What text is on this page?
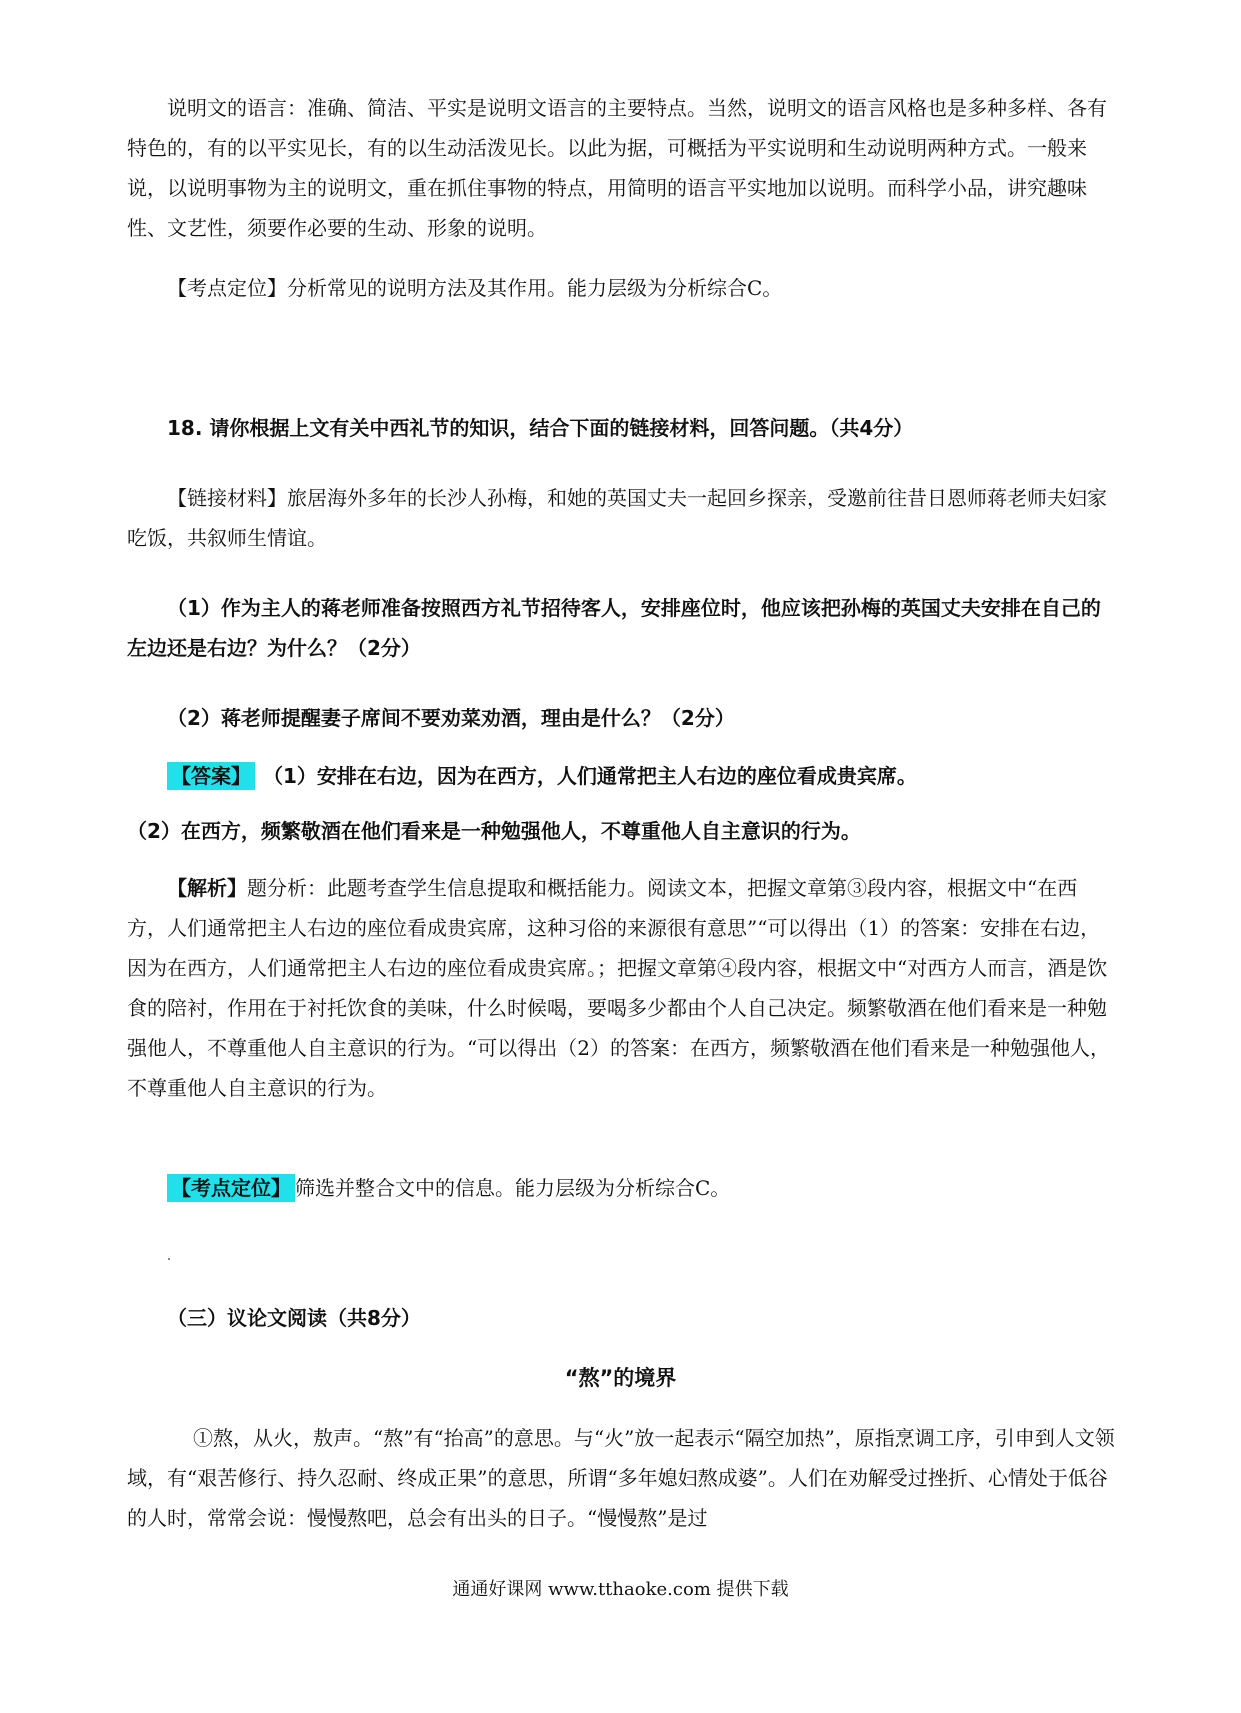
说明文的语言：准确、简洁、平实是说明文语言的主要特点。当然，说明文的语言风格也是多种多样、各有特色的，有的以平实见长，有的以生动活泼见长。以此为据，可概括为平实说明和生动说明两种方式。一般来说，以说明事物为主的说明文，重在抓住事物的特点，用简明的语言平实地加以说明。而科学小品，讲究趣味性、文艺性，须要作必要的生动、形象的说明。

【考点定位】分析常见的说明方法及其作用。能力层级为分析综合C。

18. 请你根据上文有关中西礼节的知识，结合下面的链接材料，回答问题。（共4分）

【链接材料】旅居海外多年的长沙人孙梅，和她的英国丈夫一起回乡探亲，受邀前往昔日恩师蒋老师夫妇家吃饭，共叙师生情谊。

（1）作为主人的蒋老师准备按照西方礼节招待客人，安排座位时，他应该把孙梅的英国丈夫安排在自己的左边还是右边？为什么？（2分）

（2）蒋老师提醒妻子席间不要劝菜劝酒，理由是什么？（2分）

【答案】 （1）安排在右边，因为在西方，人们通常把主人右边的座位看成贵宾席。

（2）在西方，频繁敬酒在他们看来是一种勉强他人，不尊重他人自主意识的行为。

【解析】题分析：此题考查学生信息提取和概括能力。阅读文本，把握文章第③段内容，根据文中“在西方，人们通常把主人右边的座位看成贵宾席，这种习俗的来源很有意思”“可以得出（1）的答案：安排在右边，因为在西方，人们通常把主人右边的座位看成贵宾席。；把握文章第④段内容，根据文中“对西方人而言，酒是饮食的陪衬，作用在于衬托饮食的美味，什么时候喝，要喝多少都由个人自己决定。频繁敬酒在他们看来是一种勉强他人，不尊重他人自主意识的行为。“可以得出（2）的答案：在西方，频繁敬酒在他们看来是一种勉强他人，不尊重他人自主意识的行为。

【考点定位】 筛选并整合文中的信息。能力层级为分析综合C。

（三）议论文阅读（共8分）

“熬”的境界

①熬，从火，敖声。“熬”有“抬高”的意思。与“火”放一起表示“隔空加热”，原指烹调工序，引申到人文领域，有“艰苦修行、持久忍耐、终成正果”的意思，所谓“多年媳妇熬成婆”。人们在劝解受过挫折、心情处于低谷的人时，常常会说：慢慢熬吧，总会有出头的日子。“慢慢熬”是过

通通好课网 www.tthaoke.com 提供下载
